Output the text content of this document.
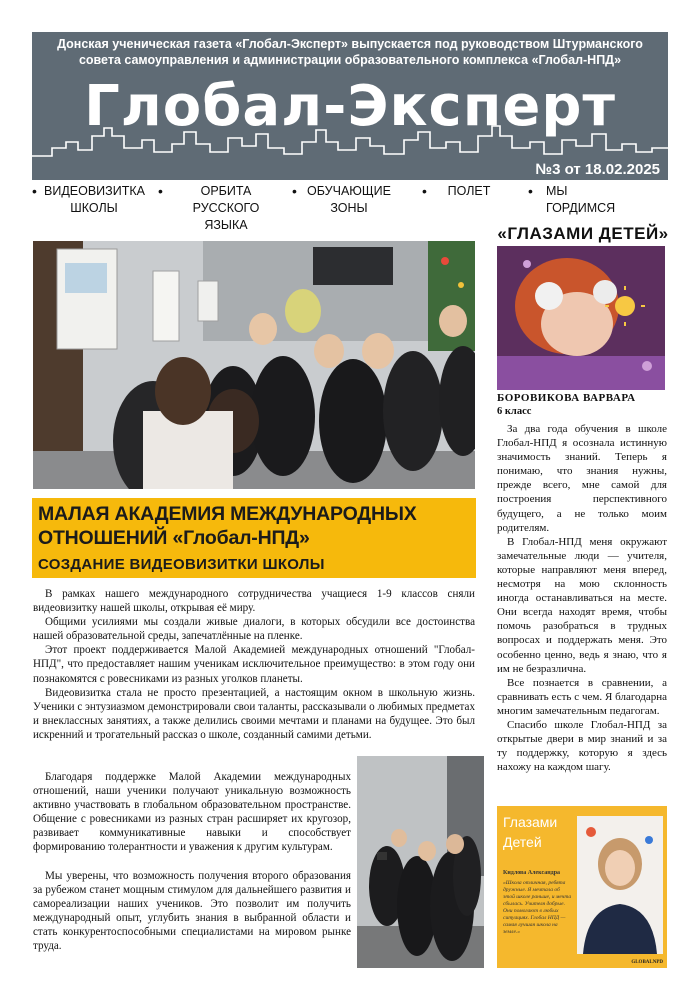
Донская ученическая газета «Глобал-Эксперт» выпускается под руководством Штурманского совета самоуправления и администрации образовательного комплекса «Глобал-НПД»
Глобал-Эксперт
№3 от 18.02.2025
• ВИДЕОВИЗИТКА ШКОЛЫ
• ОРБИТА РУССКОГО ЯЗЫКА
• ОБУЧАЮЩИЕ ЗОНЫ
• ПОЛЕТ
•	МЫ ГОРДИМСЯ
МАЛАЯ АКАДЕМИЯ МЕЖДУНАРОДНЫХ
ОТНОШЕНИЙ «Глобал-НПД»
СОЗДАНИЕ ВИДЕОВИЗИТКИ ШКОЛЫ

В рамках нашего международного сотрудничества учащиеся 1-9 классов сняли видеовизитку нашей школы, открывая её миру.

Общими усилиями мы создали живые диалоги, в которых обсудили все достоинства нашей образовательной среды, запечатлённые на пленке.

Этот проект поддерживается Малой Академией международных отношений "Глобал-НПД", что предоставляет нашим ученикам исключительное преимущество: в этом году они познакомятся с ровесниками из разных уголков планеты.

Видеовизитка стала не просто презентацией, а настоящим окном в школьную жизнь. Ученики с энтузиазмом демонстрировали свои таланты, рассказывали о любимых предметах и внеклассных занятиях, а также делились своими мечтами и планами на будущее. Это был искренний и трогательный рассказ о школе, созданный самими детьми.

Благодаря поддержке Малой Академии международных отношений, наши ученики получают уникальную возможность активно участвовать в глобальном образовательном пространстве. Общение с ровесниками из разных стран расширяет их кругозор, развивает коммуникативные навыки и способствует формированию толерантности и уважения к другим культурам.

Мы уверены, что возможность получения второго образования за рубежом станет мощным стимулом для дальнейшего развития и самореализации наших учеников. Это позволит им получить международный опыт, углубить знания в выбранной области и стать конкурентоспособными специалистами на мировом рынке труда.

«ГЛАЗАМИ ДЕТЕЙ»
БОРОВИКОВА ВАРВАРА
6 класс

За два года обучения в школе Глобал-НПД я осознала истинную значимость знаний. Теперь я понимаю, что знания нужны, прежде всего, мне самой для построения перспективного будущего, а не только моим родителям.

В Глобал-НПД меня окружают замечательные люди — учителя, которые направляют меня вперед, несмотря на мою склонность иногда останавливаться на месте. Они всегда находят время, чтобы помочь разобраться в трудных вопросах и поддержать меня. Это особенно ценно, ведь я знаю, что я им не безразлична.

Все познается в сравнении, а сравнивать есть с чем. Я благодарна многим замечательным педагогам.

Спасибо школе Глобал-НПД за открытые двери в мир знаний и за ту поддержку, которую я здесь нахожу на каждом шагу.

Глазами
Детей
Кидлова Александра
«Школа отличная, ребята дружные. Я мечтала об этой школе раньше, и мечта сбылась. Учителя добрые. Они помогают в любых ситуациях. Глобал НПД — самая лучшая школа на земле.»
GLOBALNPD
